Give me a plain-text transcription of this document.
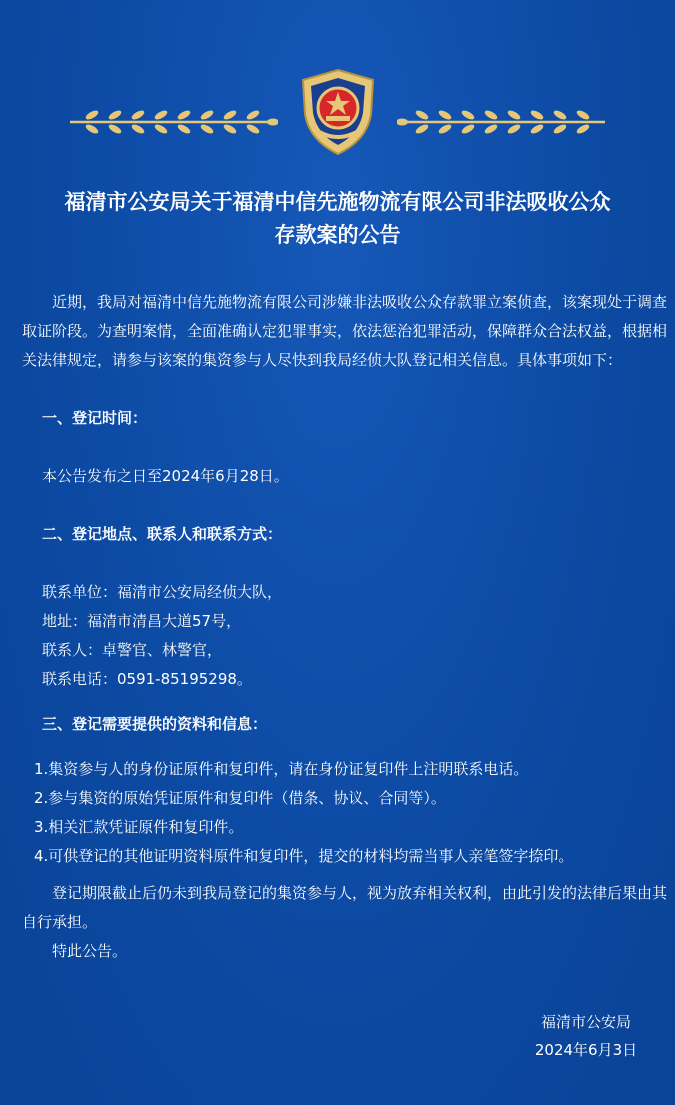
福清市公安局关于福清中信先施物流有限公司非法吸收公众
存款案的公告

近期，我局对福清中信先施物流有限公司涉嫌非法吸收公众存款罪立案侦查，该案现处于调查取证阶段。为查明案情，全面准确认定犯罪事实，依法惩治犯罪活动，保障群众合法权益，根据相关法律规定，请参与该案的集资参与人尽快到我局经侦大队登记相关信息。具体事项如下：

一、登记时间：

本公告发布之日至2024年6月28日。

二、登记地点、联系人和联系方式：

联系单位：福清市公安局经侦大队，

地址：福清市清昌大道57号，

联系人：卓警官、林警官，

联系电话：0591-85195298。

三、登记需要提供的资料和信息：

1.集资参与人的身份证原件和复印件，请在身份证复印件上注明联系电话。

2.参与集资的原始凭证原件和复印件（借条、协议、合同等）。

3.相关汇款凭证原件和复印件。

4.可供登记的其他证明资料原件和复印件，提交的材料均需当事人亲笔签字捺印。

登记期限截止后仍未到我局登记的集资参与人，视为放弃相关权利，由此引发的法律后果由其自行承担。

特此公告。

福清市公安局
2024年6月3日
